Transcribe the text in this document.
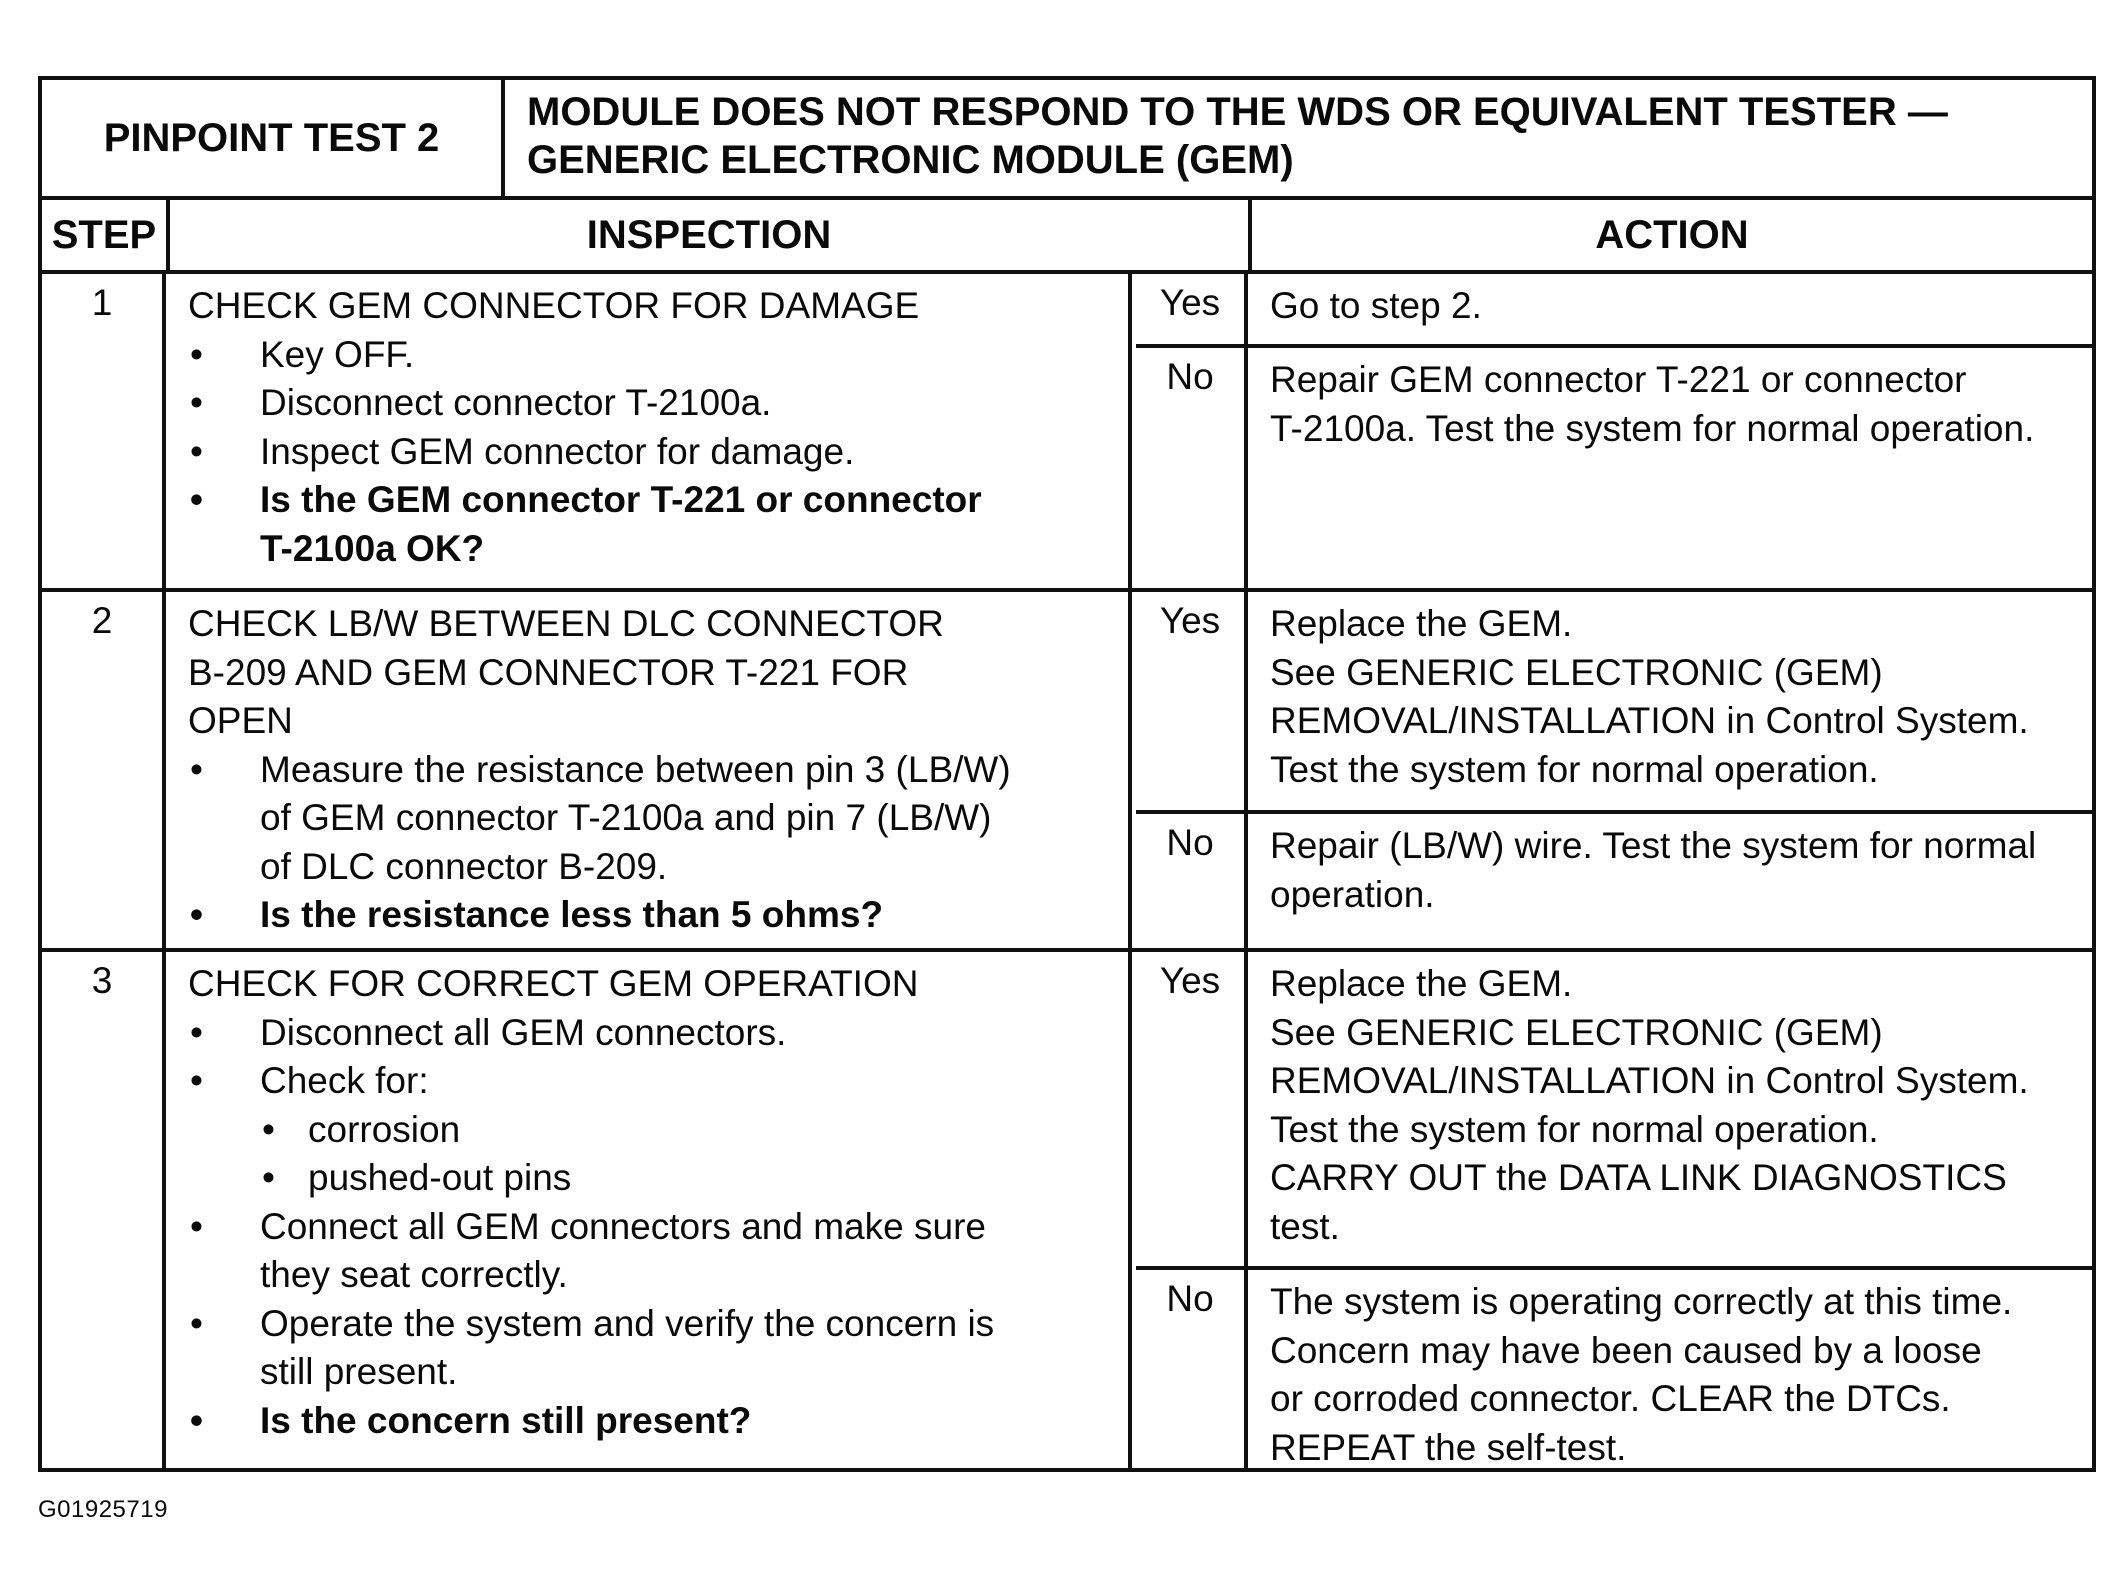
PINPOINT TEST 2
MODULE DOES NOT RESPOND TO THE WDS OR EQUIVALENT TESTER —
GENERIC ELECTRONIC MODULE (GEM)
STEP	INSPECTION	ACTION
1	CHECK GEM CONNECTOR FOR DAMAGE
•	Key OFF.
•	Disconnect connector T-2100a.
•	Inspect GEM connector for damage.
•	Is the GEM connector T-221 or connector
T-2100a OK?
Yes	Go to step 2.
No	Repair GEM connector T-221 or connector
T-2100a. Test the system for normal operation.
2	CHECK LB/W BETWEEN DLC CONNECTOR
B-209 AND GEM CONNECTOR T-221 FOR
OPEN
•	Measure the resistance between pin 3 (LB/W)
of GEM connector T-2100a and pin 7 (LB/W)
of DLC connector B-209.
•	Is the resistance less than 5 ohms?
Yes	Replace the GEM.
See GENERIC ELECTRONIC (GEM)
REMOVAL/INSTALLATION in Control System.
Test the system for normal operation.
No	Repair (LB/W) wire. Test the system for normal
operation.
3	CHECK FOR CORRECT GEM OPERATION
•	Disconnect all GEM connectors.
•	Check for:
• corrosion
• pushed-out pins
•	Connect all GEM connectors and make sure
they seat correctly.
•	Operate the system and verify the concern is
still present.
•	Is the concern still present?
Yes	Replace the GEM.
See GENERIC ELECTRONIC (GEM)
REMOVAL/INSTALLATION in Control System.
Test the system for normal operation.
CARRY OUT the DATA LINK DIAGNOSTICS
test.
No	The system is operating correctly at this time.
Concern may have been caused by a loose
or corroded connector. CLEAR the DTCs.
REPEAT the self-test.
G01925719
